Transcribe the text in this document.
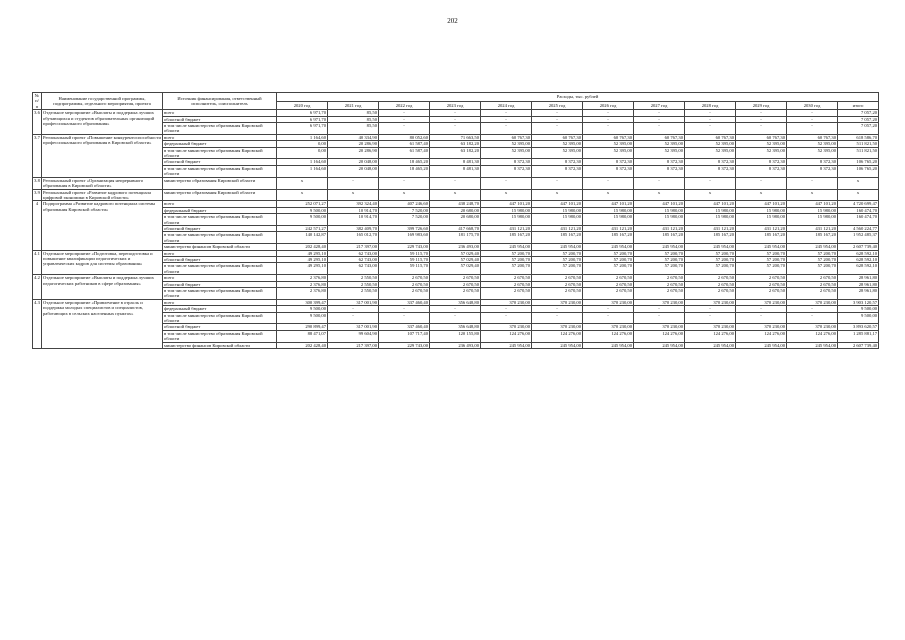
202
№ п/п	Наименование государственной программы, подпрограммы, отдельного мероприятия, проекта	Источник финансирования, ответственный исполнитель, соисполнитель	Расходы, тыс. рублей											
			2020 год	2021 год	2022 год	2023 год	2024 год	2025 год	2026 год	2027 год	2028 год	2029 год	2030 год	итого
3.6	Отдельное мероприятие «Выплаты и поддержка лучших обучающихся и студентов образовательных организаций профессионального образования»	всего	6 971,70	85,50	-	-	-	-	-	-	-	-	-	7 057,20
		областной бюджет	6 971,70	85,50	-	-	-	-	-	-	-	-	-	7 057,20
		в том числе министерство образования Кировской области	6 971,70	85,50	-	-	-	-	-	-	-	-	-	7 057,20
3.7	Региональный проект «Повышение конкурентоспособности профессионального образования в Кировской области»	всего	1 164,60	40 334,90	80 052,60	71 663,50	60 767,30	60 767,30	60 767,30	60 767,30	60 767,30	60 767,30	60 767,30	618 586,70
		федеральный бюджет	0,00	20 286,90	61 587,40	63 182,20	52 395,00	52 395,00	52 395,00	52 395,00	52 395,00	52 395,00	52 395,00	511 821,50
		в том числе министерство образования Кировской области	0,00	20 286,90	61 587,40	63 182,20	52 395,00	52 395,00	52 395,00	52 395,00	52 395,00	52 395,00	52 395,00	511 821,50
		областной бюджет	1 164,60	20 048,00	18 465,20	8 481,30	8 372,30	8 372,30	8 372,30	8 372,30	8 372,30	8 372,30	8 372,30	106 765,20
		в том числе министерство образования Кировской области	1 164,60	20 048,00	18 465,20	8 481,30	8 372,30	8 372,30	8 372,30	8 372,30	8 372,30	8 372,30	8 372,30	106 765,20
3.8	Региональный проект «Организация непрерывного образования в Кировской области»	министерство образования Кировской области	x	-	-	-	-	-	-	-	-	-	-	x
3.9	Региональный проект «Развитие кадрового потенциала цифровой экономики в Кировской области»	министерство образования Кировской области	x	x	x	x	x	x	x	x	x	x	x	x
4	Подпрограмма «Развитие кадрового потенциала системы образования Кировской области»	всего	252 071,27	392 324,40	407 246,60	438 248,70	447 101,20	447 101,20	447 101,20	447 101,20	447 101,20	447 101,20	447 101,20	4 720 699,47
		федеральный бюджет	9 500,00	10 914,70	7 520,00	20 680,00	15 980,00	15 980,00	15 980,00	15 980,00	15 980,00	15 980,00	15 980,00	160 474,70
		в том числе министерство образования Кировской области	9 500,00	10 914,70	7 520,00	20 680,00	15 980,00	15 980,00	15 980,00	15 980,00	15 980,00	15 980,00	15 980,00	160 474,70
		областной бюджет	242 571,27	382 409,70	399 726,60	417 668,70	431 121,20	431 121,20	431 121,20	431 121,20	431 121,20	431 121,20	431 121,20	4 560 224,77
		в том числе министерство образования Кировской области	140 142,87	165 012,70	169 983,60	181 175,70	185 167,20	185 167,20	185 167,20	185 167,20	185 167,20	185 167,20	185 167,20	1 952 485,37
		министерство финансов Кировской области	202 428,40	217 397,00	229 743,00	236 493,00	245 954,00	245 954,00	245 954,00	245 954,00	245 954,00	245 954,00	245 954,00	2 607 739,40
4.1	Отдельное мероприятие «Подготовка, переподготовка и повышение квалификации педагогических и управленческих кадров для системы образования»	всего	49 295,10	62 743,00	59 115,70	57 029,40	57 200,70	57 200,70	57 200,70	57 200,70	57 200,70	57 200,70	57 200,70	628 592,10
		областной бюджет	49 295,10	62 743,00	59 115,70	57 029,40	57 200,70	57 200,70	57 200,70	57 200,70	57 200,70	57 200,70	57 200,70	628 592,10
		в том числе министерство образования Кировской области	49 295,10	62 743,00	59 115,70	57 029,40	57 200,70	57 200,70	57 200,70	57 200,70	57 200,70	57 200,70	57 200,70	628 592,10
4.2	Отдельное мероприятие «Выплаты и поддержка лучших педагогических работников в сфере образования»	всего	2 376,80	2 550,50	2 670,50	2 670,50	2 670,50	2 670,50	2 670,50	2 670,50	2 670,50	2 670,50	2 670,50	28 961,80
		областной бюджет	2 376,80	2 550,50	2 670,50	2 670,50	2 670,50	2 670,50	2 670,50	2 670,50	2 670,50	2 670,50	2 670,50	28 961,80
		в том числе министерство образования Кировской области	2 376,80	2 550,50	2 670,50	2 670,50	2 670,50	2 670,50	2 670,50	2 670,50	2 670,50	2 670,50	2 670,50	28 961,80
4.3	Отдельное мероприятие «Привлечение в отрасль и поддержка молодых специалистов и специалистов, работающих в сельских населенных пунктах»	всего	300 399,47	317 001,90	337 460,40	356 648,80	370 230,00	370 230,00	370 230,00	370 230,00	370 230,00	370 230,00	370 230,00	3 903 120,57
		федеральный бюджет	9 500,00	-	-	-	-	-	-	-	-	-	-	9 500,00
		в том числе министерство образования Кировской области	9 500,00	-	-	-	-	-	-	-	-	-	-	9 500,00
		областной бюджет	290 899,47	317 001,90	337 460,40	356 648,80	370 230,00	370 230,00	370 230,00	370 230,00	370 230,00	370 230,00	370 230,00	3 893 620,57
		в том числе министерство образования Кировской области	88 471,07	99 604,90	107 717,40	120 155,80	124 276,00	124 276,00	124 276,00	124 276,00	124 276,00	124 276,00	124 276,00	1 285 881,17
		министерство финансов Кировской области	202 428,40	217 397,00	229 743,00	236 493,00	245 954,00	245 954,00	245 954,00	245 954,00	245 954,00	245 954,00	245 954,00	2 607 739,40
